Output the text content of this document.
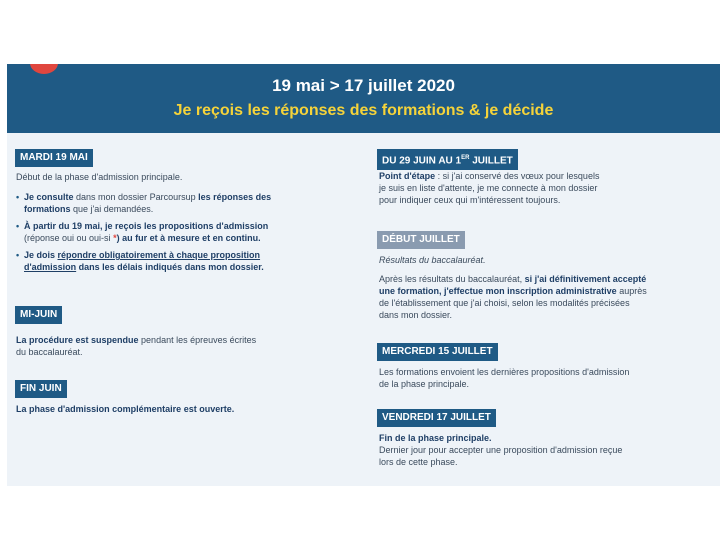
19 mai > 17 juillet 2020
Je reçois les réponses des formations & je décide
MARDI 19 MAI
Début de la phase d'admission principale.
• Je consulte dans mon dossier Parcoursup les réponses des
formations que j'ai demandées.
• À partir du 19 mai, je reçois les propositions d'admission
(réponse oui ou oui-si *) au fur et à mesure et en continu.
• Je dois répondre obligatoirement à chaque proposition
d'admission dans les délais indiqués dans mon dossier.
MI-JUIN
La procédure est suspendue pendant les épreuves écrites
du baccalauréat.
FIN JUIN
La phase d'admission complémentaire est ouverte.
DU 29 JUIN AU 1ER JUILLET
Point d'étape : si j'ai conservé des vœux pour lesquels
je suis en liste d'attente, je me connecte à mon dossier
pour indiquer ceux qui m'intéressent toujours.
DÉBUT JUILLET
Résultats du baccalauréat.
Après les résultats du baccalauréat, si j'ai définitivement accepté
une formation, j'effectue mon inscription administrative auprès
de l'établissement que j'ai choisi, selon les modalités précisées
dans mon dossier.
MERCREDI 15 JUILLET
Les formations envoient les dernières propositions d'admission
de la phase principale.
VENDREDI 17 JUILLET
Fin de la phase principale.
Dernier jour pour accepter une proposition d'admission reçue
lors de cette phase.
